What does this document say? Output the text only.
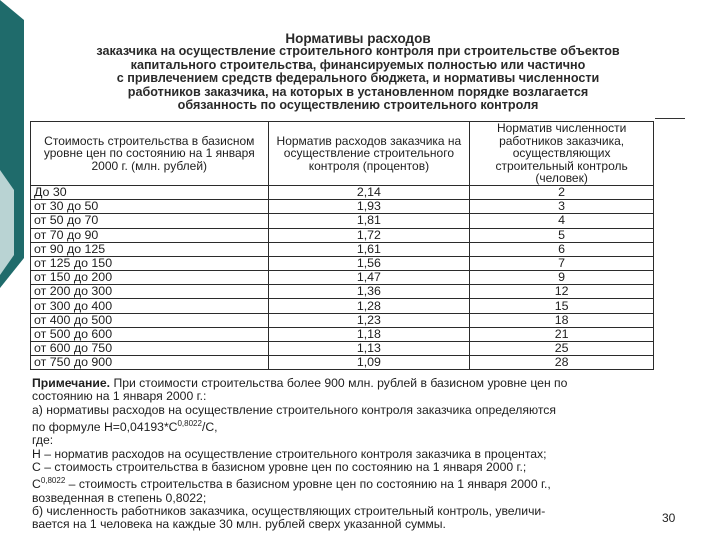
Нормативы расходов
заказчика на осуществление строительного контроля при строительстве объектов
капитального строительства, финансируемых полностью или частично
с привлечением средств федерального бюджета, и нормативы численности
работников заказчика, на которых в установленном порядке возлагается
обязанность по осуществлению строительного контроля
Стоимость строительства в базисном уровне цен по состоянию на 1 января 2000 г. (млн. рублей)	Норматив расходов заказчика на осуществление строительного контроля (процентов)	Норматив численности работников заказчика, осуществляющих строительный контроль (человек)
До 30	2,14	2
от 30 до 50	1,93	3
от 50 до 70	1,81	4
от 70 до 90	1,72	5
от 90 до 125	1,61	6
от 125 до 150	1,56	7
от 150 до 200	1,47	9
от 200 до 300	1,36	12
от 300 до 400	1,28	15
от 400 до 500	1,23	18
от 500 до 600	1,18	21
от 600 до 750	1,13	25
от 750 до 900	1,09	28

Примечание. При стоимости строительства более 900 млн. рублей в базисном уровне цен по

состоянию на 1 января 2000 г.:

а) нормативы расходов на осуществление строительного контроля заказчика определяются

по формуле $Н=0,04193*С^{0,8022}/С$,

где:

Н – норматив расходов на осуществление строительного контроля заказчика в процентах;

С – стоимость строительства в базисном уровне цен по состоянию на 1 января 2000 г.;

$С^{0,8022}$ – стоимость строительства в базисном уровне цен по состоянию на 1 января 2000 г.,

возведенная в степень 0,8022;

б) численность работников заказчика, осуществляющих строительный контроль, увеличи-

вается на 1 человека на каждые 30 млн. рублей сверх указанной суммы.	30
